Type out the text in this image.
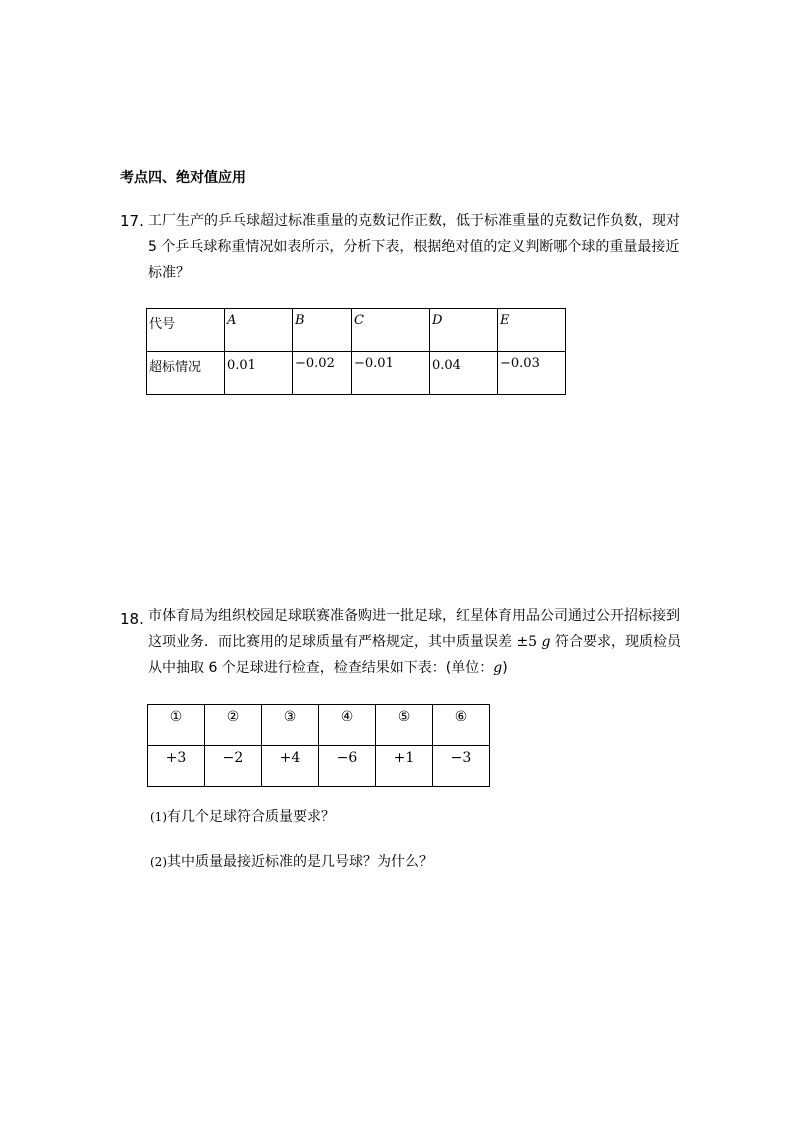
考点四、绝对值应用
17. 工厂生产的乒乓球超过标准重量的克数记作正数，低于标准重量的克数记作负数，现对
5 个乒乓球称重情况如表所示，分析下表，根据绝对值的定义判断哪个球的重量最接近
标准？
代号	A	B	C	D	E

超标情况	0.01	−0.02	−0.01	0.04	−0.03
18. 市体育局为组织校园足球联赛准备购进一批足球，红星体育用品公司通过公开招标接到
这项业务．而比赛用的足球质量有严格规定，其中质量误差 ±5 g 符合要求，现质检员
从中抽取 6 个足球进行检查，检查结果如下表：(单位：g)
①	②	③	④	⑤	⑥

+3	−2	+4	−6	+1	−3
(1)有几个足球符合质量要求？
(2)其中质量最接近标准的是几号球？为什么？
